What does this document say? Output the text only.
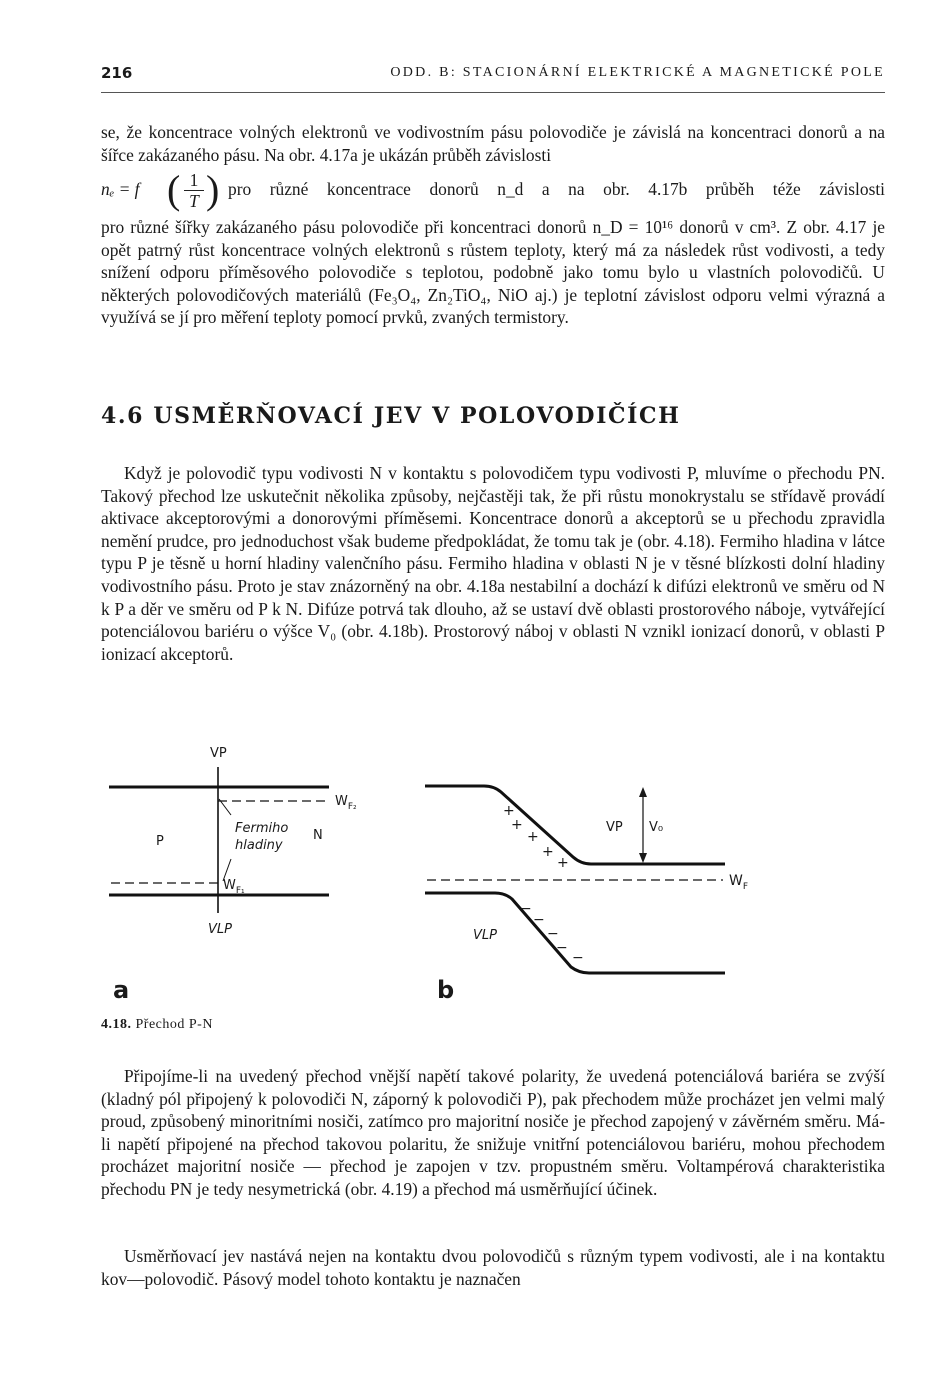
216	ODD. B: STACIONÁRNÍ ELEKTRICKÉ A MAGNETICKÉ POLE
se, že koncentrace volných elektronů ve vodivostním pásu polovodiče je závislá na koncentraci donorů a na šířce zakázaného pásu. Na obr. 4.17a je ukázán průběh závislosti
nₑ = f ( 1
T ) pro různé koncentrace donorů n_d a na obr. 4.17b průběh téže závislosti
pro různé šířky zakázaného pásu polovodiče při koncentraci donorů n_D = 10¹⁶ donorů v cm³. Z obr. 4.17 je opět patrný růst koncentrace volných elektronů s růstem teploty, který má za následek růst vodivosti, a tedy snížení odporu příměsového polovodiče s teplotou, podobně jako tomu bylo u vlastních polovodičů. U některých polovodičových materiálů (Fe₃O₄, Zn₂TiO₄, NiO aj.) je teplotní závislost odporu velmi výrazná a využívá se jí pro měření teploty pomocí prvků, zvaných termistory.
4.6 USMĚRŇOVACÍ JEV V POLOVODIČÍCH
Když je polovodič typu vodivosti N v kontaktu s polovodičem typu vodivosti P, mluvíme o přechodu PN. Takový přechod lze uskutečnit několika způsoby, nejčastěji tak, že při růstu monokrystalu se střídavě provádí aktivace akceptorovými a donorovými příměsemi. Koncentrace donorů a akceptorů se u přechodu zpravidla nemění prudce, pro jednoduchost však budeme předpokládat, že tomu tak je (obr. 4.18). Fermiho hladina v látce typu P je těsně u horní hladiny valenčního pásu. Fermiho hladina v oblasti N je v těsné blízkosti dolní hladiny vodivostního pásu. Proto je stav znázorněný na obr. 4.18a nestabilní a dochází k difúzi elektronů ve směru od N k P a děr ve směru od P k N. Difúze potrvá tak dlouho, až se ustaví dvě oblasti prostorového náboje, vytvářející potenciálovou bariéru o výšce V₀ (obr. 4.18b). Prostorový náboj v oblasti N vznikl ionizací donorů, v oblasti P ionizací akceptorů.
VP
VLP
P	N
Fermiho
hladiny
$W_{F_2}$
$W_{F_1}$
a
VP V₀
VLP
$W_F$
+
+
+
+
+
−
−
−
−
−
b
4.18. Přechod P-N
Připojíme-li na uvedený přechod vnější napětí takové polarity, že uvedená potenciálová bariéra se zvýší (kladný pól připojený k polovodiči N, záporný k polovodiči P), pak přechodem může procházet jen velmi malý proud, způsobený minoritními nosiči, zatímco pro majoritní nosiče je přechod zapojený v závěrném směru. Má-li napětí připojené na přechod takovou polaritu, že snižuje vnitřní potenciálovou bariéru, mohou přechodem procházet majoritní nosiče — přechod je zapojen v tzv. propustném směru. Voltampérová charakteristika přechodu PN je tedy nesymetrická (obr. 4.19) a přechod má usměrňující účinek.
Usměrňovací jev nastává nejen na kontaktu dvou polovodičů s různým typem vodivosti, ale i na kontaktu kov—polovodič. Pásový model tohoto kontaktu je naznačen
